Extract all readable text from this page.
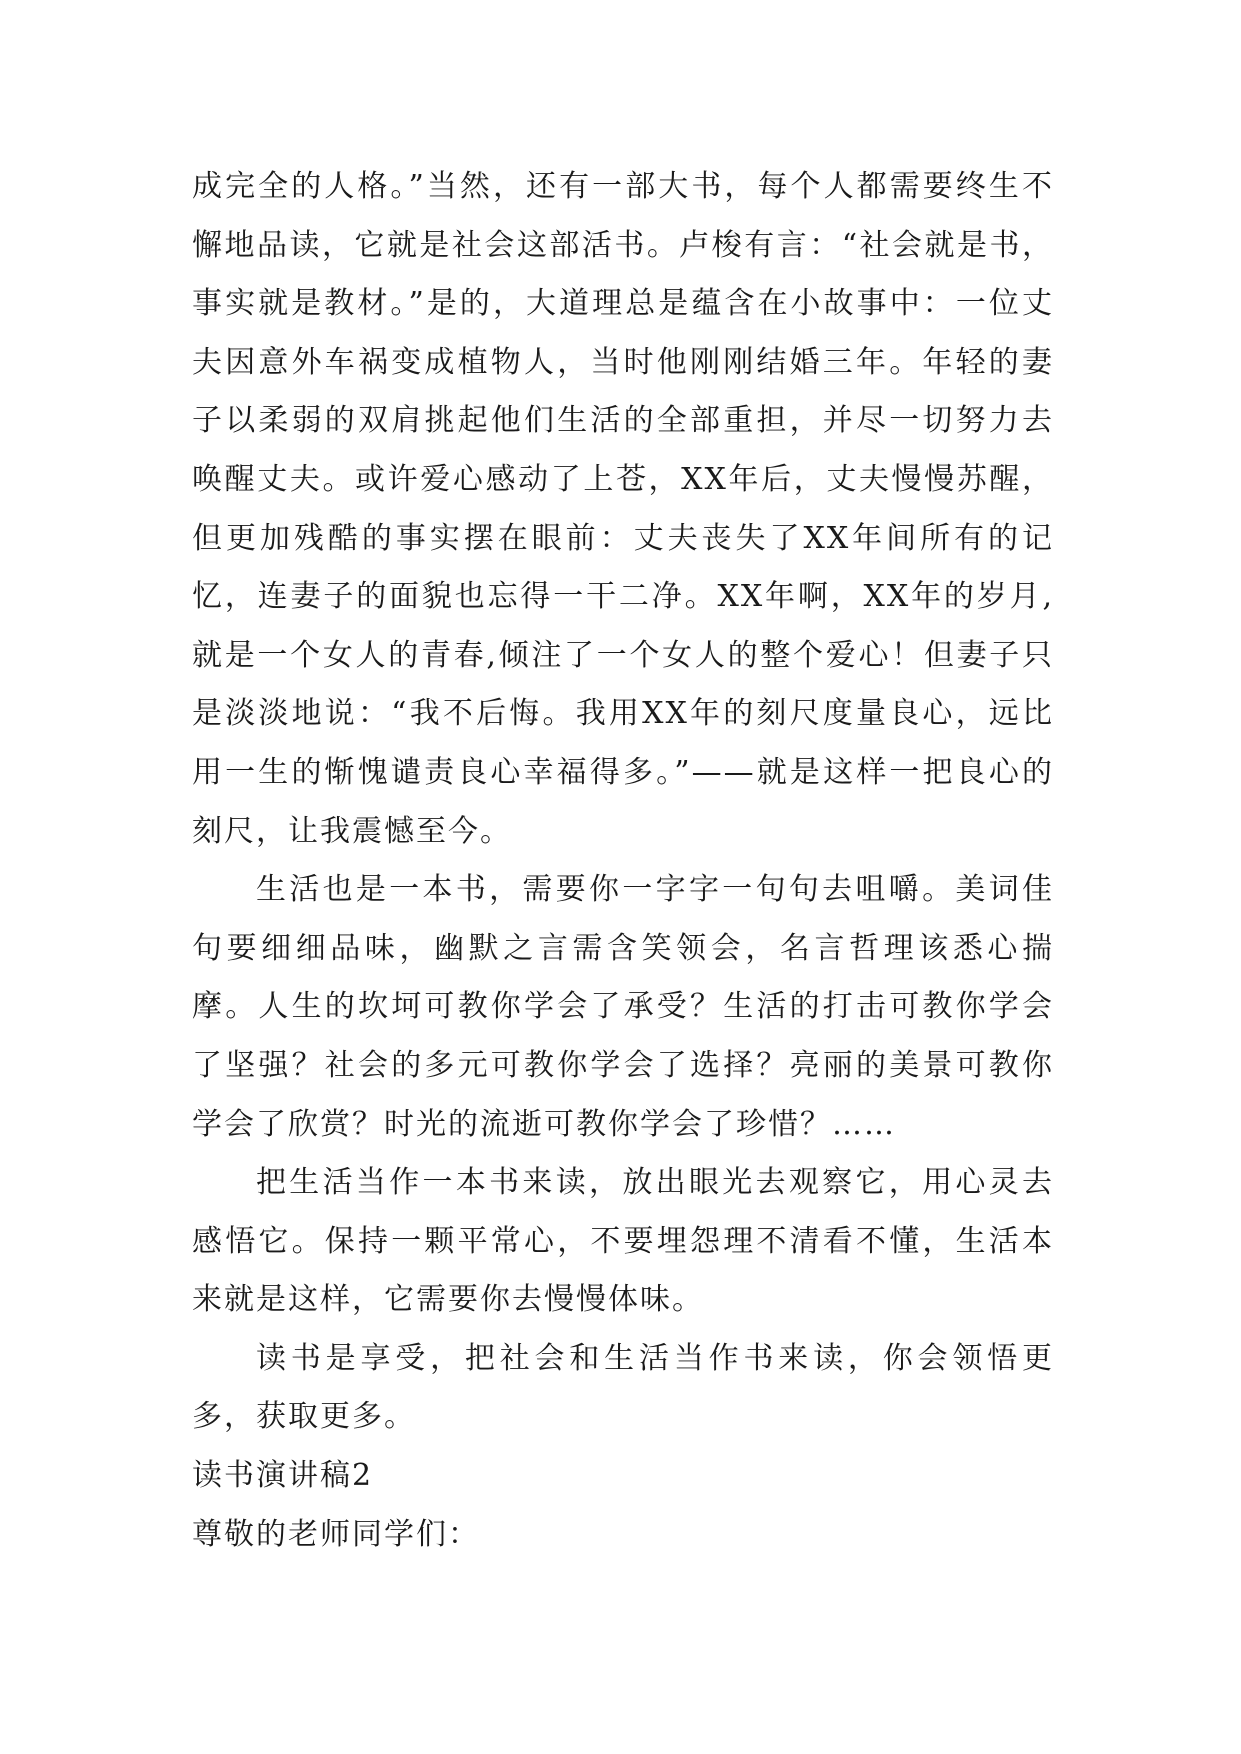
成完全的人格。”当然，还有一部大书，每个人都需要终生不懈地品读，它就是社会这部活书。卢梭有言：“社会就是书，事实就是教材。”是的，大道理总是蕴含在小故事中：一位丈夫因意外车祸变成植物人，当时他刚刚结婚三年。年轻的妻子以柔弱的双肩挑起他们生活的全部重担，并尽一切努力去唤醒丈夫。或许爱心感动了上苍，XX年后，丈夫慢慢苏醒，但更加残酷的事实摆在眼前：丈夫丧失了XX年间所有的记忆，连妻子的面貌也忘得一干二净。XX年啊，XX年的岁月,就是一个女人的青春,倾注了一个女人的整个爱心！但妻子只是淡淡地说：“我不后悔。我用XX年的刻尺度量良心，远比用一生的惭愧谴责良心幸福得多。”——就是这样一把良心的刻尺，让我震憾至今。

生活也是一本书，需要你一字字一句句去咀嚼。美词佳句要细细品味，幽默之言需含笑领会，名言哲理该悉心揣摩。人生的坎坷可教你学会了承受？生活的打击可教你学会了坚强？社会的多元可教你学会了选择？亮丽的美景可教你学会了欣赏？时光的流逝可教你学会了珍惜？……

把生活当作一本书来读，放出眼光去观察它，用心灵去感悟它。保持一颗平常心，不要埋怨理不清看不懂，生活本来就是这样，它需要你去慢慢体味。

读书是享受，把社会和生活当作书来读，你会领悟更多，获取更多。

读书演讲稿2

尊敬的老师同学们：
